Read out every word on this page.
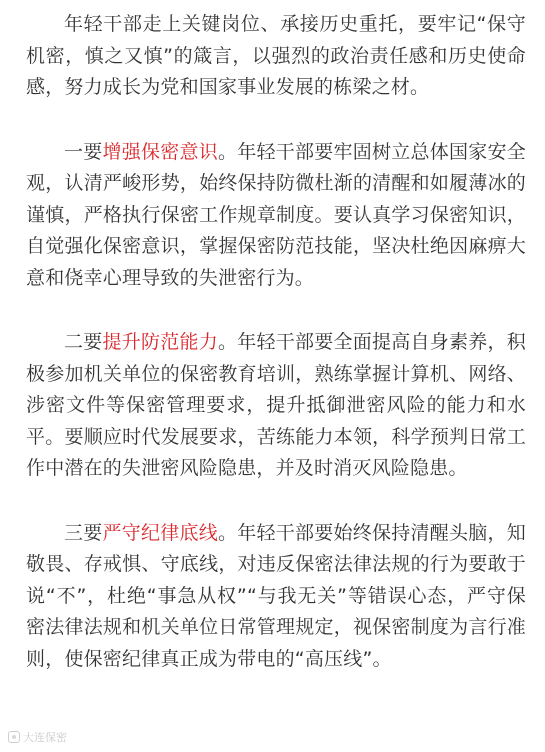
年轻干部走上关键岗位、承接历史重托，要牢记“保守机密，慎之又慎”的箴言，以强烈的政治责任感和历史使命感，努力成长为党和国家事业发展的栋梁之材。

一要增强保密意识。年轻干部要牢固树立总体国家安全观，认清严峻形势，始终保持防微杜渐的清醒和如履薄冰的谨慎，严格执行保密工作规章制度。要认真学习保密知识，自觉强化保密意识，掌握保密防范技能，坚决杜绝因麻痹大意和侥幸心理导致的失泄密行为。

二要提升防范能力。年轻干部要全面提高自身素养，积极参加机关单位的保密教育培训，熟练掌握计算机、网络、涉密文件等保密管理要求，提升抵御泄密风险的能力和水平。要顺应时代发展要求，苦练能力本领，科学预判日常工作中潜在的失泄密风险隐患，并及时消灭风险隐患。

三要严守纪律底线。年轻干部要始终保持清醒头脑，知敬畏、存戒惧、守底线，对违反保密法律法规的行为要敢于说“不”，杜绝“事急从权”“与我无关”等错误心态，严守保密法律法规和机关单位日常管理规定，视保密制度为言行准则，使保密纪律真正成为带电的“高压线”。

大连保密
